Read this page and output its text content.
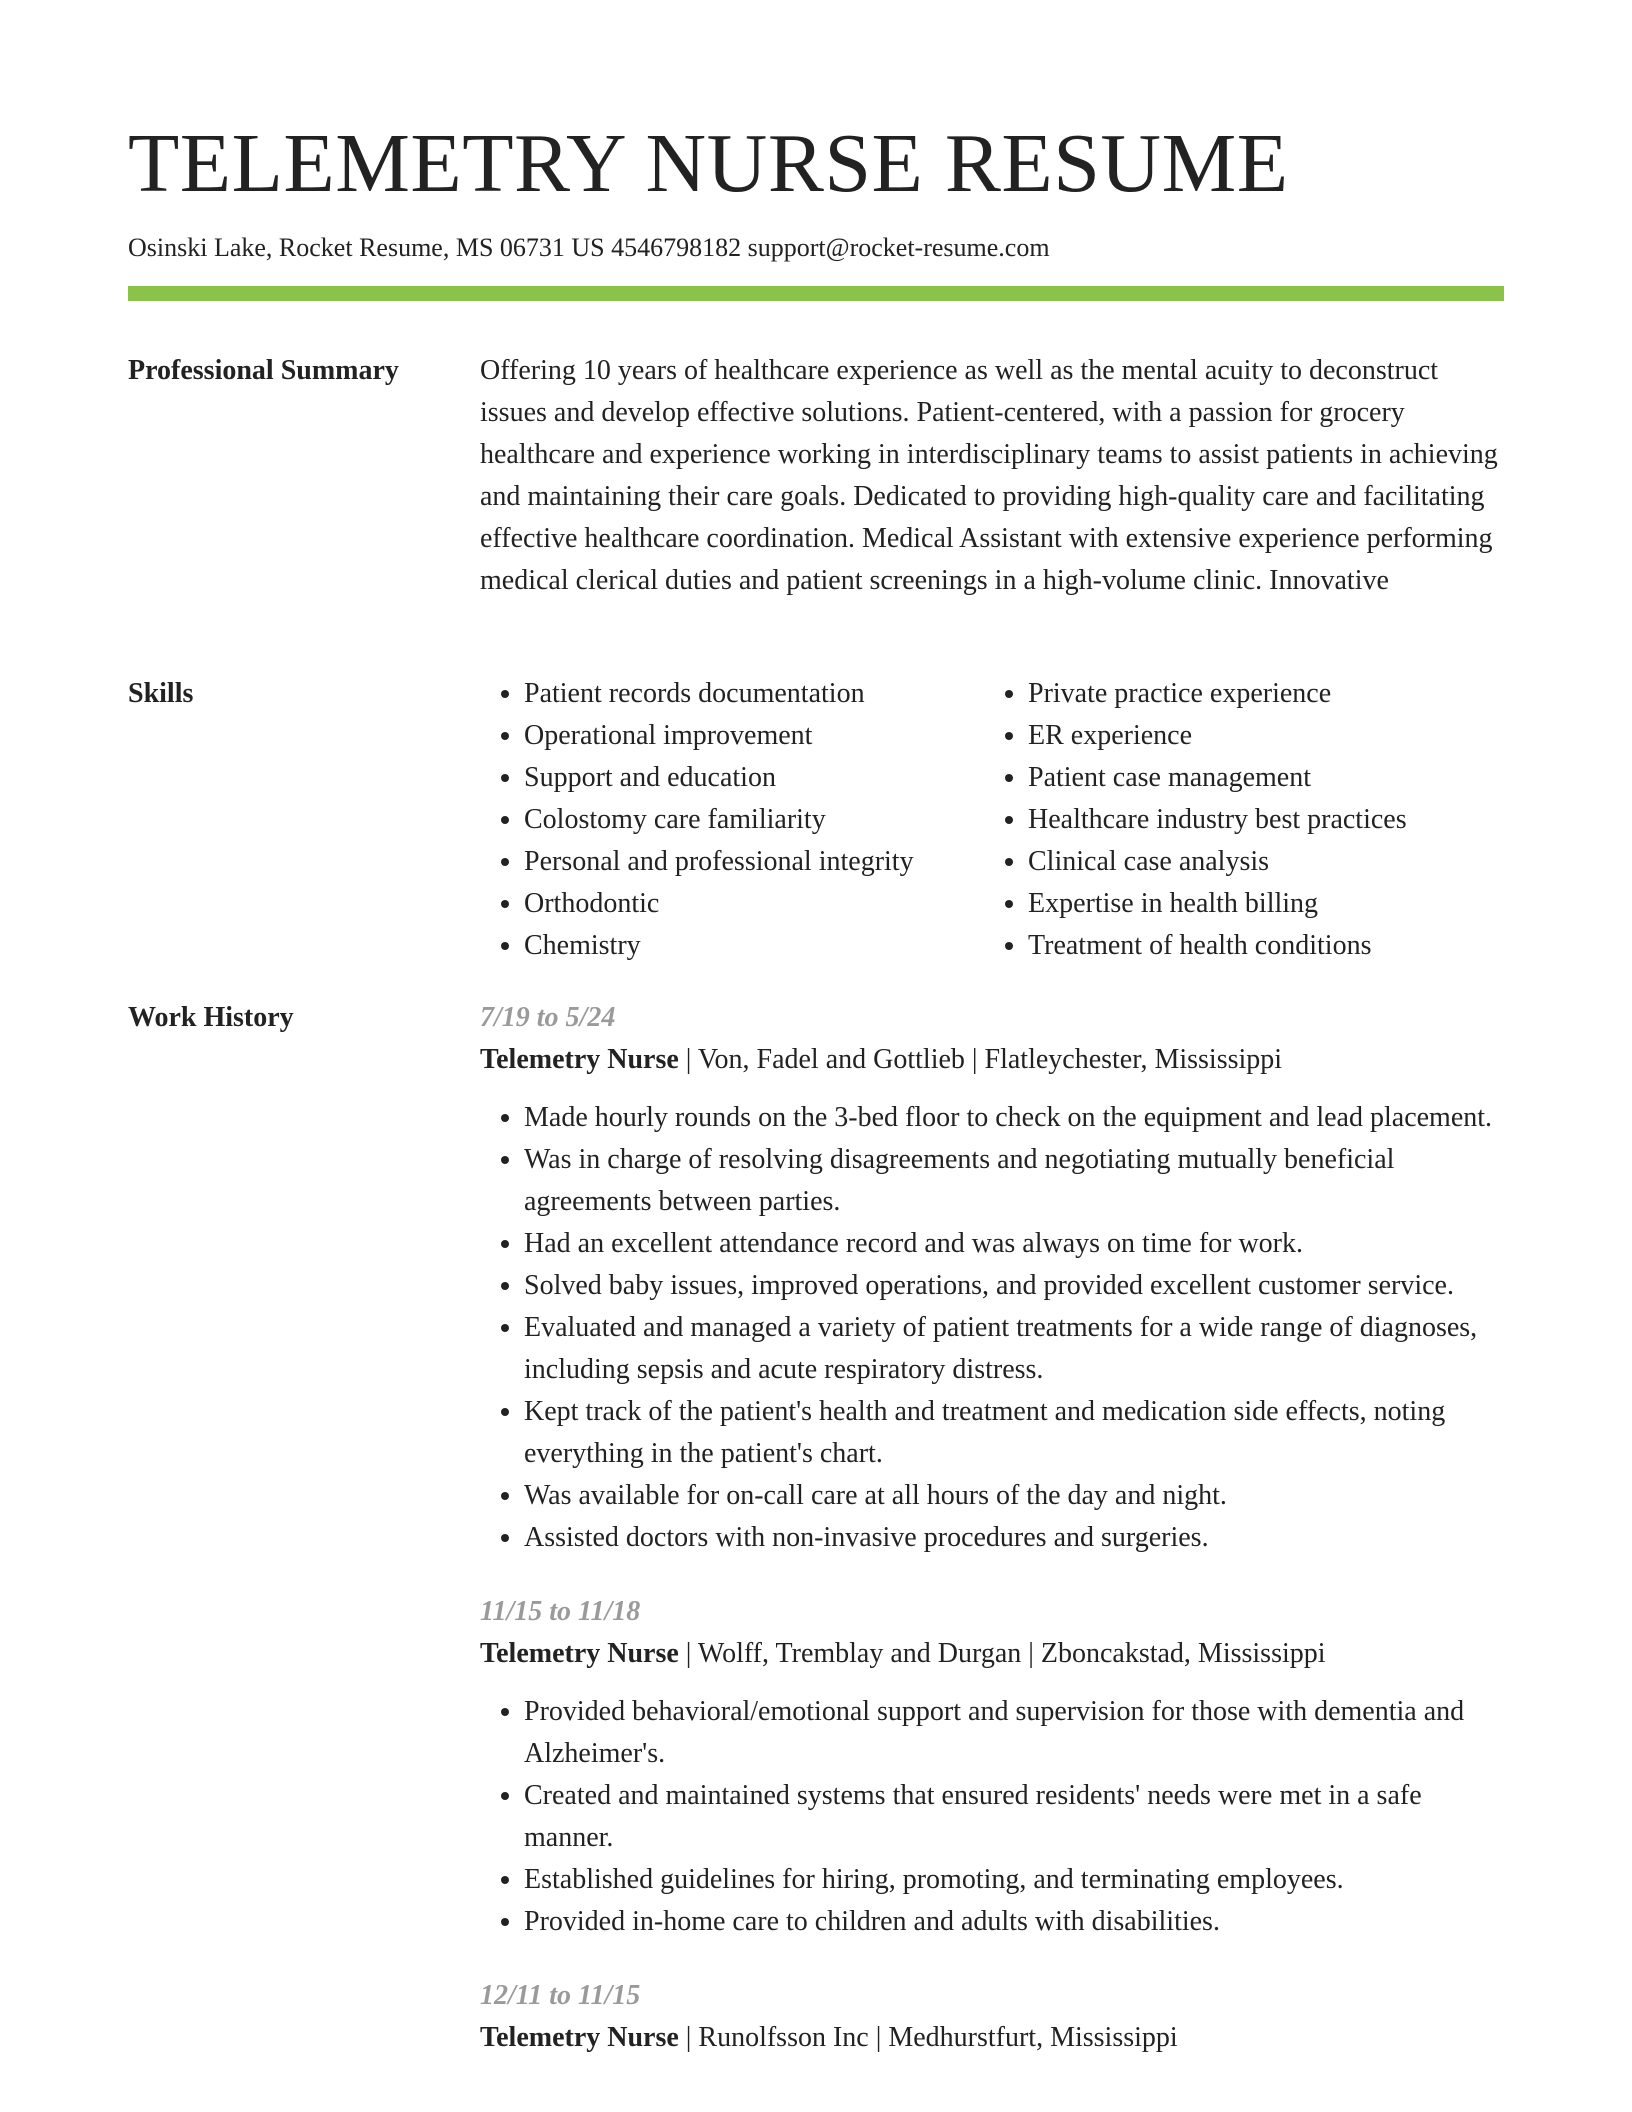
TELEMETRY NURSE RESUME
Osinski Lake, Rocket Resume, MS 06731 US 4546798182 support@rocket-resume.com
Professional Summary	Offering 10 years of healthcare experience as well as the mental acuity to deconstruct issues and develop effective solutions. Patient-centered, with a passion for grocery healthcare and experience working in interdisciplinary teams to assist patients in achieving and maintaining their care goals. Dedicated to providing high-quality care and facilitating effective healthcare coordination. Medical Assistant with extensive experience performing medical clerical duties and patient screenings in a high-volume clinic. Innovative

Skills
•	Patient records documentation
• Operational improvement
• Support and education
• Colostomy care familiarity
• Personal and professional integrity
• Orthodontic
• Chemistry
• Private practice experience
• ER experience
• Patient case management
• Healthcare industry best practices
• Clinical case analysis
• Expertise in health billing
• Treatment of health conditions
Work History	7/19 to 5/24
Telemetry Nurse | Von, Fadel and Gottlieb | Flatleychester, Mississippi
• Made hourly rounds on the 3-bed floor to check on the equipment and lead placement.
• Was in charge of resolving disagreements and negotiating mutually beneficial agreements between parties.
• Had an excellent attendance record and was always on time for work.
• Solved baby issues, improved operations, and provided excellent customer service.
• Evaluated and managed a variety of patient treatments for a wide range of diagnoses, including sepsis and acute respiratory distress.
• Kept track of the patient's health and treatment and medication side effects, noting everything in the patient's chart.
• Was available for on-call care at all hours of the day and night.
• Assisted doctors with non-invasive procedures and surgeries.
11/15 to 11/18
Telemetry Nurse | Wolff, Tremblay and Durgan | Zboncakstad, Mississippi
• Provided behavioral/emotional support and supervision for those with dementia and Alzheimer's.
• Created and maintained systems that ensured residents' needs were met in a safe manner.
• Established guidelines for hiring, promoting, and terminating employees.
• Provided in-home care to children and adults with disabilities.
12/11 to 11/15
Telemetry Nurse | Runolfsson Inc | Medhurstfurt, Mississippi
